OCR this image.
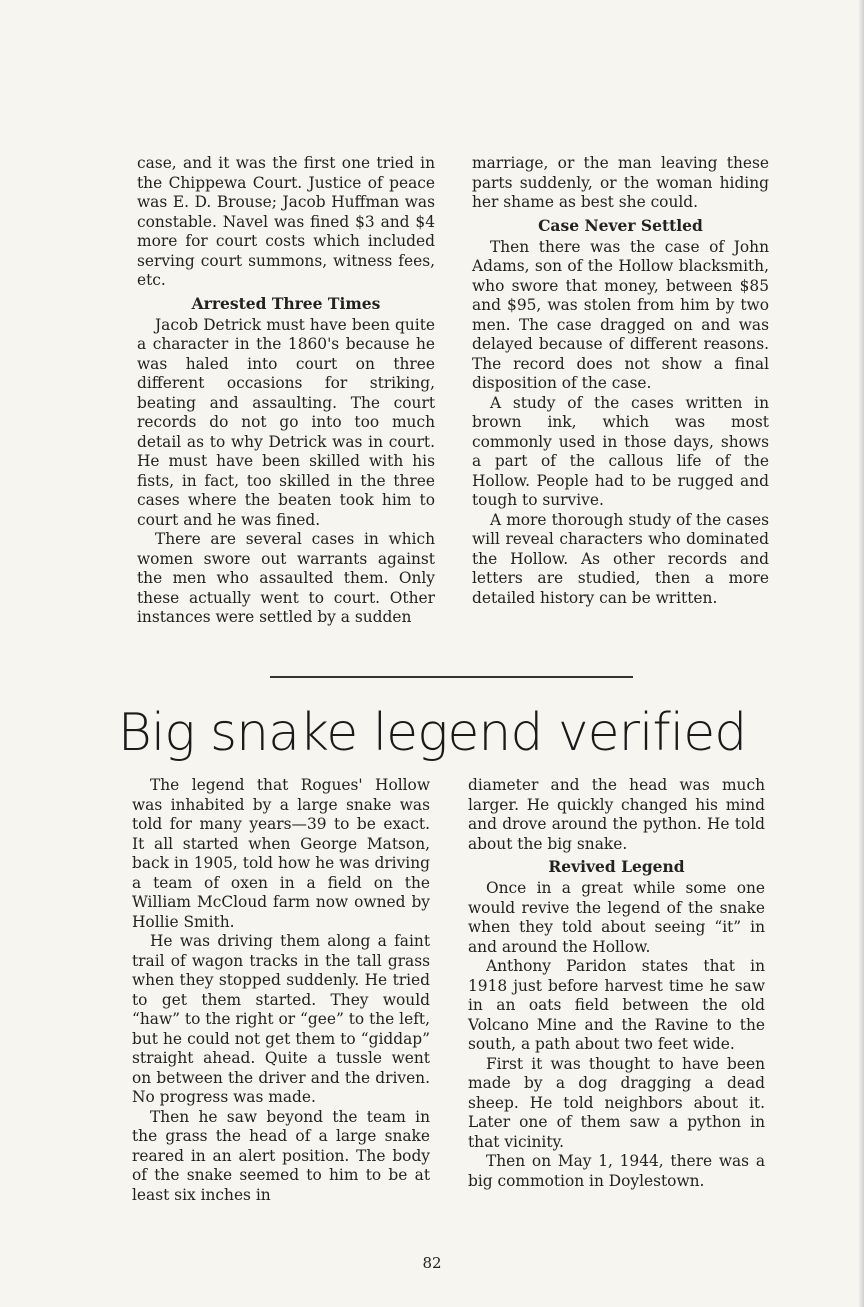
case, and it was the first one tried in the Chippewa Court. Justice of peace was E. D. Brouse; Jacob Huffman was constable. Navel was fined $3 and $4 more for court costs which included serving court summons, witness fees, etc.

Arrested Three Times

Jacob Detrick must have been quite a character in the 1860's because he was haled into court on three different occasions for striking, beating and assaulting. The court records do not go into too much detail as to why Detrick was in court. He must have been skilled with his fists, in fact, too skilled in the three cases where the beaten took him to court and he was fined.

There are several cases in which women swore out warrants against the men who assaulted them. Only these actually went to court. Other instances were settled by a sudden

marriage, or the man leaving these parts suddenly, or the woman hiding her shame as best she could.

Case Never Settled

Then there was the case of John Adams, son of the Hollow blacksmith, who swore that money, between $85 and $95, was stolen from him by two men. The case dragged on and was delayed because of different reasons. The record does not show a final disposition of the case.

A study of the cases written in brown ink, which was most commonly used in those days, shows a part of the callous life of the Hollow. People had to be rugged and tough to survive.

A more thorough study of the cases will reveal characters who dominated the Hollow. As other records and letters are studied, then a more detailed history can be written.

Big snake legend verified

The legend that Rogues' Hollow was inhabited by a large snake was told for many years—39 to be exact. It all started when George Matson, back in 1905, told how he was driving a team of oxen in a field on the William McCloud farm now owned by Hollie Smith.

He was driving them along a faint trail of wagon tracks in the tall grass when they stopped suddenly. He tried to get them started. They would “haw” to the right or “gee” to the left, but he could not get them to “giddap” straight ahead. Quite a tussle went on between the driver and the driven. No progress was made.

Then he saw beyond the team in the grass the head of a large snake reared in an alert position. The body of the snake seemed to him to be at least six inches in

diameter and the head was much larger. He quickly changed his mind and drove around the python. He told about the big snake.

Revived Legend

Once in a great while some one would revive the legend of the snake when they told about seeing “it” in and around the Hollow.

Anthony Paridon states that in 1918 just before harvest time he saw in an oats field between the old Volcano Mine and the Ravine to the south, a path about two feet wide.

First it was thought to have been made by a dog dragging a dead sheep. He told neighbors about it. Later one of them saw a python in that vicinity.

Then on May 1, 1944, there was a big commotion in Doylestown.

82
